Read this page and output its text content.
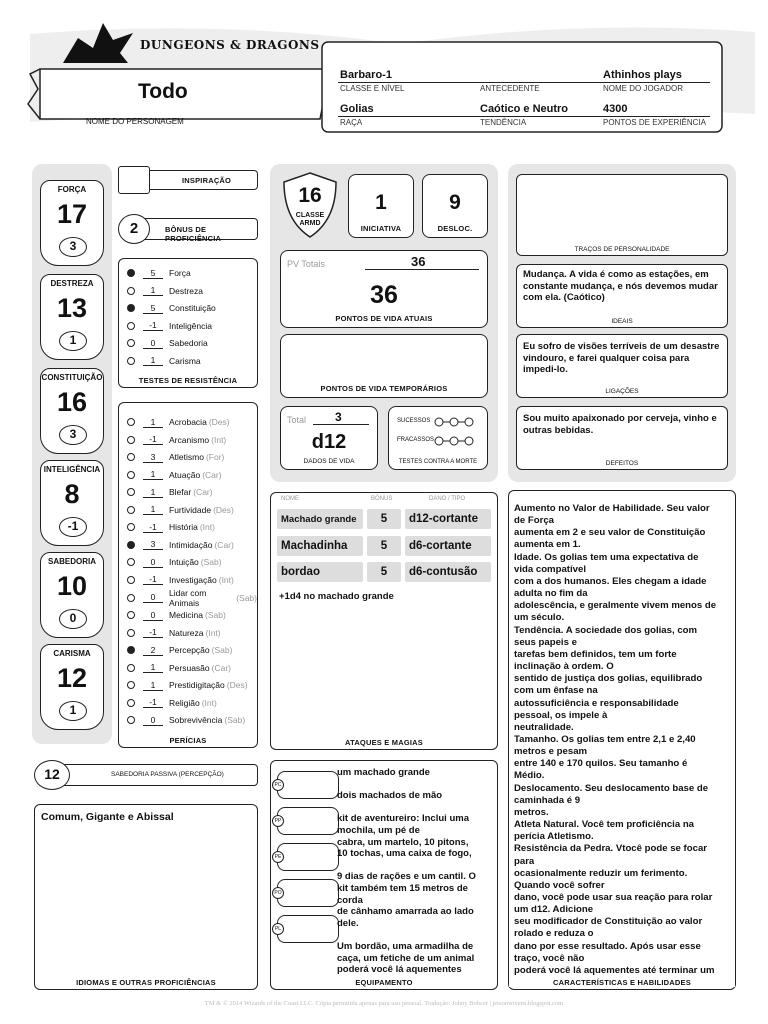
DUNGEONS & DRAGONS
Todo
NOME DO PERSONAGEM
Barbaro-1
CLASSE E NÍVEL	ANTECEDENTE
Athinhos plays
NOME DO JOGADOR
Golias
RAÇA
Caótico e Neutro
TENDÊNCIA
4300
PONTOS DE EXPERIÊNCIA
FORÇA
17
3
DESTREZA
13
1
CONSTITUIÇÃO
16
3
INTELIGÊNCIA
8
-1
SABEDORIA
10
0
CARISMA
12
1
INSPIRAÇÃO
BÔNUS DE PROFICIÊNCIA
2
5	Força
1	Destreza
5	Constituição
-1	Inteligência
0	Sabedoria
1	Carisma
TESTES DE RESISTÊNCIA
1	Acrobacia (Des)
-1	Arcanismo (Int)
3	Atletismo (For)
1	Atuação (Car)
1	Blefar (Car)
1	Furtividade (Des)
-1	História (Int)
3	Intimidação (Car)
0	Intuição (Sab)
-1	Investigação (Int)
0	Lidar com Animais	(Sab)
0	Medicina (Sab)
-1	Natureza (Int)
2	Percepção (Sab)
1	Persuasão (Car)
1	Prestidigitação (Des)
-1	Religião (Int)
0	Sobrevivência (Sab)
PERÍCIAS
SABEDORIA PASSIVA (PERCEPÇÃO)
12
Comum, Gigante e Abissal
IDIOMAS E OUTRAS PROFICIÊNCIAS
16
CLASSE
ARMD
1
INICIATIVA
9
DESLOC.
PV Totais	36
36
PONTOS DE VIDA ATUAIS
PONTOS DE VIDA TEMPORÁRIOS
Total 3
d12
DADOS DE VIDA
SUCESSOS
FRACASSOS
TESTES CONTRA A MORTE
TRAÇOS DE PERSONALIDADE
Mudança. A vida é como as estações, em constante mudança, e nós devemos mudar com ela. (Caótico)
IDEAIS
Eu sofro de visões terríveis de um desastre vindouro, e farei qualquer coisa para impedi-lo.
LIGAÇÕES
Sou muito apaixonado por cerveja, vinho e outras bebidas.
DEFEITOS
NOME	BÔNUS	DANO / TIPO
Machado grande	5	d12-cortante
Machadinha	5	d6-cortante
bordao	5	d6-contusão
+1d4 no machado grande
ATAQUES E MAGIAS
PC
PP
PE
PO
PL
um machado grande
dois machados de mão
kit de aventureiro: Inclui uma
mochila, um pé de
cabra, um martelo, 10 pitons,
10 tochas, uma caixa de fogo,
9 dias de rações e um cantil. O
kit também tem 15 metros de
corda
de cânhamo amarrada ao lado
dele.
Um bordão, uma armadilha de
caça, um fetiche de um animal
poderá você lá aquementes
EQUIPAMENTO
Aumento no Valor de Habilidade. Seu valor
de Força
aumenta em 2 e seu valor de Constituição
aumenta em 1.
Idade. Os golias tem uma expectativa de
vida compatível
com a dos humanos. Eles chegam a idade
adulta no fim da
adolescência, e geralmente vivem menos de
um século.
Tendência. A sociedade dos golias, com
seus papeis e
tarefas bem definidos, tem um forte
inclinação à ordem. O
sentido de justiça dos golias, equilibrado
com um ênfase na
autossuficiência e responsabilidade
pessoal, os impele à
neutralidade.
Tamanho. Os golias tem entre 2,1 e 2,40
metros e pesam
entre 140 e 170 quilos. Seu tamanho é
Médio.
Deslocamento. Seu deslocamento base de
caminhada é 9
metros.
Atleta Natural. Você tem proficiência na
perícia Atletismo.
Resistência da Pedra. Vtocê pode se focar
para
ocasionalmente reduzir um ferimento.
Quando você sofrer
dano, você pode usar sua reação para rolar
um d12. Adicione
seu modificador de Constituição ao valor
rolado e reduza o
dano por esse resultado. Após usar esse
traço, você não
poderá você lá aquementes até terminar um
CARACTERÍSTICAS E HABILIDADES
TM & © 2014 Wizards of the Coast LLC. Cópia permitida apenas para uso pessoal. Tradução: Johny Bobcer | jetsonwivens.blogspot.com
